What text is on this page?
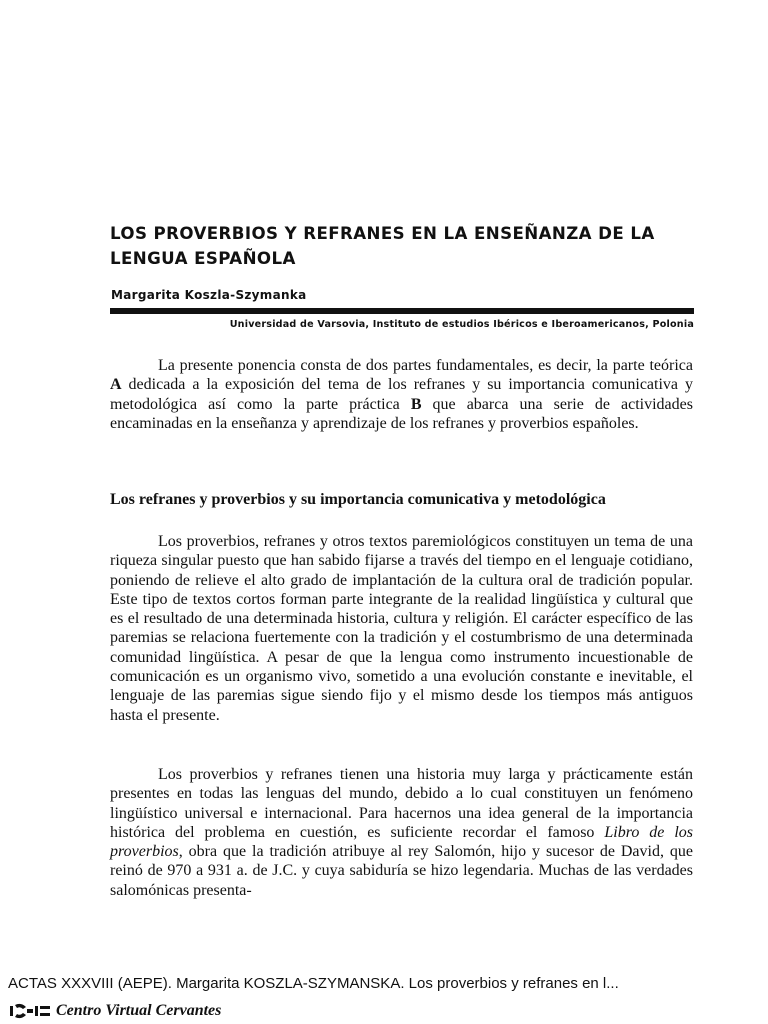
LOS PROVERBIOS Y REFRANES EN LA ENSEÑANZA DE LA LENGUA ESPAÑOLA
Margarita Koszla-Szymanka
Universidad de Varsovia, Instituto de estudios Ibéricos e Iberoamericanos, Polonia

La presente ponencia consta de dos partes fundamentales, es decir, la parte teórica A dedicada a la exposición del tema de los refranes y su importancia comunicativa y metodológica así como la parte práctica B que abarca una serie de actividades encaminadas en la enseñanza y aprendizaje de los refranes y proverbios españoles.

Los refranes y proverbios y su importancia comunicativa y metodológica

Los proverbios, refranes y otros textos paremiológicos constituyen un tema de una riqueza singular puesto que han sabido fijarse a través del tiempo en el lenguaje cotidiano, poniendo de relieve el alto grado de implantación de la cultura oral de tradición popular. Este tipo de textos cortos forman parte integrante de la realidad lingüística y cultural que es el resultado de una determinada historia, cultura y religión. El carácter específico de las paremias se relaciona fuertemente con la tradición y el costumbrismo de una determinada comunidad lingüística. A pesar de que la lengua como instrumento incuestionable de comunicación es un organismo vivo, sometido a una evolución constante e inevitable, el lenguaje de las paremias sigue siendo fijo y el mismo desde los tiempos más antiguos hasta el presente.

Los proverbios y refranes tienen una historia muy larga y prácticamente están presentes en todas las lenguas del mundo, debido a lo cual constituyen un fenómeno lingüístico universal e internacional. Para hacernos una idea general de la importancia histórica del problema en cuestión, es suficiente recordar el famoso Libro de los proverbios, obra que la tradición atribuye al rey Salomón, hijo y sucesor de David, que reinó de 970 a 931 a. de J.C. y cuya sabiduría se hizo legendaria. Muchas de las verdades salomónicas presenta-

ACTAS XXXVIII (AEPE). Margarita KOSZLA-SZYMANSKA. Los proverbios y refranes en l...
Centro Virtual Cervantes
